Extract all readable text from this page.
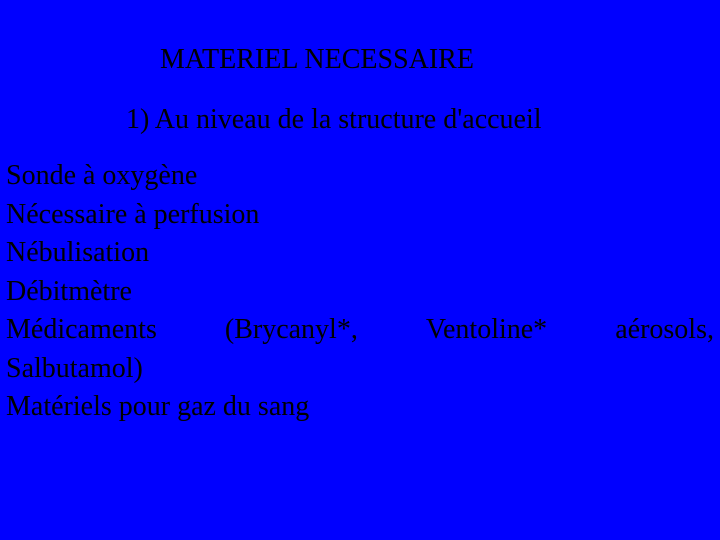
MATERIEL NECESSAIRE
1) Au niveau de la structure d'accueil
Sonde à oxygène
Nécessaire à perfusion
Nébulisation
Débitmètre
Médicaments (Brycanyl*, Ventoline* aérosols,
Salbutamol)
Matériels pour gaz du sang
